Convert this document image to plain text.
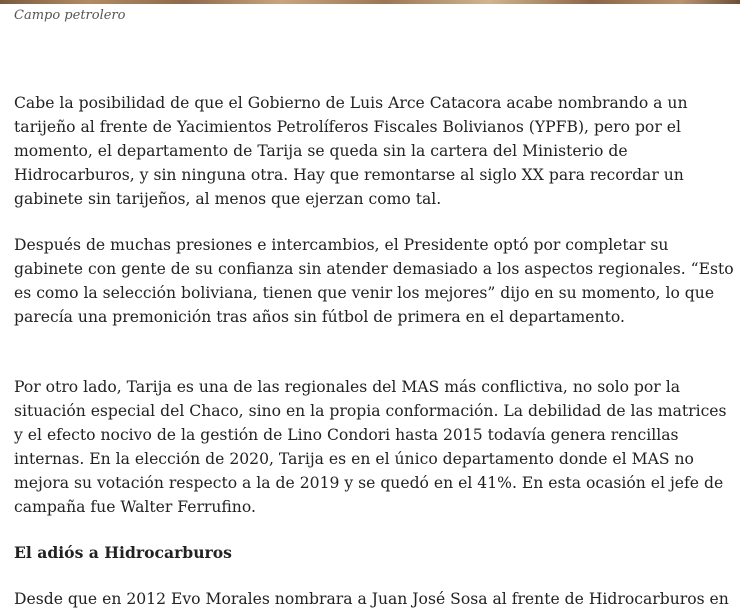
Campo petrolero

Cabe la posibilidad de que el Gobierno de Luis Arce Catacora acabe nombrando a un tarijeño al frente de Yacimientos Petrolíferos Fiscales Bolivianos (YPFB), pero por el momento, el departamento de Tarija se queda sin la cartera del Ministerio de Hidrocarburos, y sin ninguna otra. Hay que remontarse al siglo XX para recordar un gabinete sin tarijeños, al menos que ejerzan como tal.

Después de muchas presiones e intercambios, el Presidente optó por completar su gabinete con gente de su confianza sin atender demasiado a los aspectos regionales. “Esto es como la selección boliviana, tienen que venir los mejores” dijo en su momento, lo que parecía una premonición tras años sin fútbol de primera en el departamento.

Por otro lado, Tarija es una de las regionales del MAS más conflictiva, no solo por la situación especial del Chaco, sino en la propia conformación. La debilidad de las matrices y el efecto nocivo de la gestión de Lino Condori hasta 2015 todavía genera rencillas internas. En la elección de 2020, Tarija es en el único departamento donde el MAS no mejora su votación respecto a la de 2019 y se quedó en el 41%. En esta ocasión el jefe de campaña fue Walter Ferrufino.

El adiós a Hidrocarburos

Desde que en 2012 Evo Morales nombrara a Juan José Sosa al frente de Hidrocarburos en
